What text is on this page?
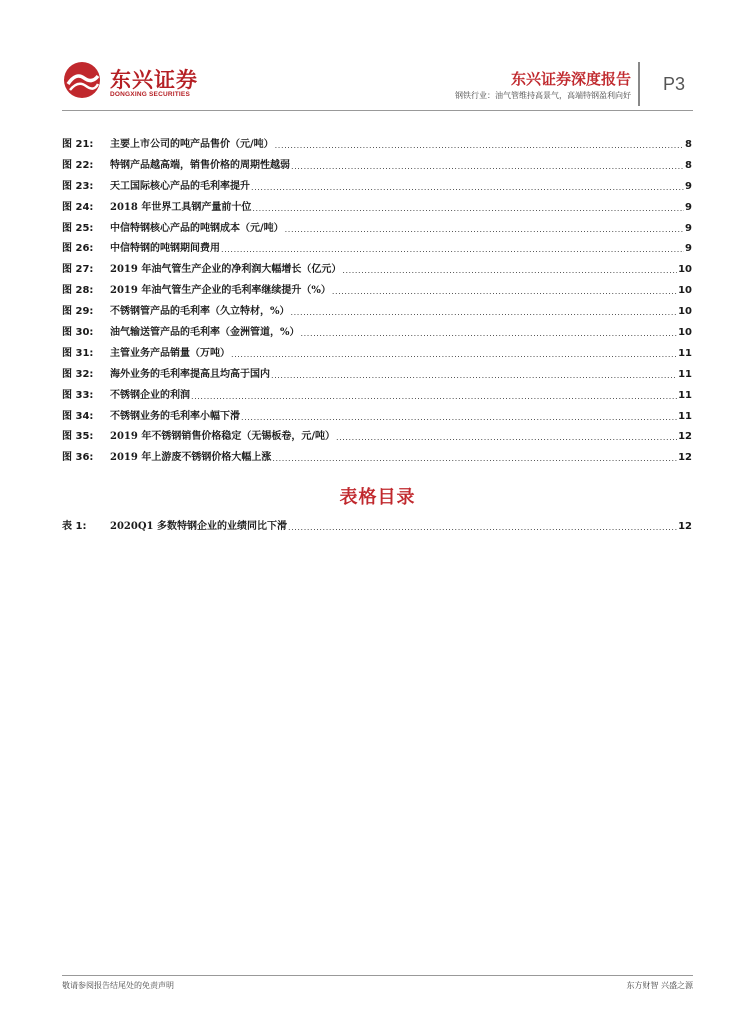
东兴证券
DONGXING SECURITIES
东兴证券深度报告
钢铁行业：油气管维持高景气，高端特钢盈利向好
P3
图 21:	主要上市公司的吨产品售价（元/吨） .....	8
图 22:	特钢产品越高端，销售价格的周期性越弱 .....	8
图 23:	天工国际核心产品的毛利率提升 .....	9
图 24:	2018 年世界工具钢产量前十位 .....	9
图 25:	中信特钢核心产品的吨钢成本（元/吨） .....	9
图 26:	中信特钢的吨钢期间费用 .....	9
图 27:	2019 年油气管生产企业的净利润大幅增长（亿元） .....	10
图 28:	2019 年油气管生产企业的毛利率继续提升（%） .....	10
图 29:	不锈钢管产品的毛利率（久立特材，%） .....	10
图 30:	油气输送管产品的毛利率（金洲管道，%） .....	10
图 31:	主管业务产品销量（万吨） .....	11
图 32:	海外业务的毛利率提高且均高于国内 .....	11
图 33:	不锈钢企业的利润 .....	11
图 34:	不锈钢业务的毛利率小幅下滑 .....	11
图 35:	2019 年不锈钢销售价格稳定（无锡板卷，元/吨） .....	12
图 36:	2019 年上游废不锈钢价格大幅上涨 .....	12
表格目录
表 1:	2020Q1 多数特钢企业的业绩同比下滑 .....	12
敬请参阅报告结尾处的免责声明	东方财智 兴盛之源
